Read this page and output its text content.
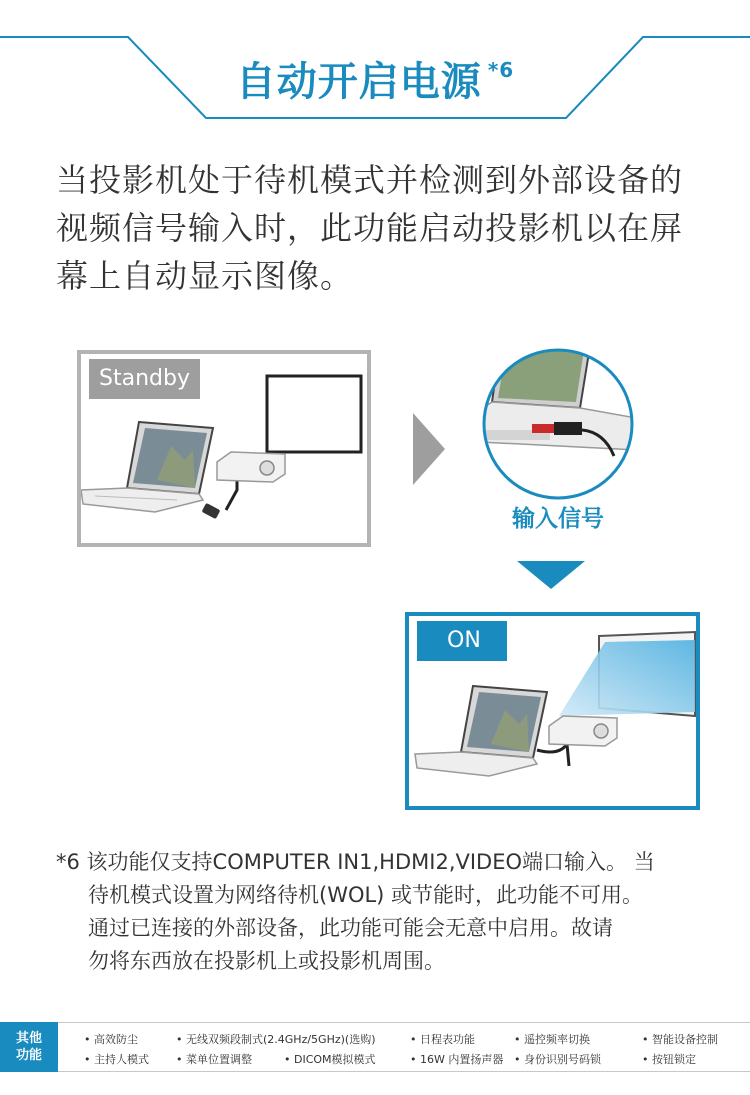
自动开启电源 $^{*6}$
当投影机处于待机模式并检测到外部设备的
视频信号输入时，此功能启动投影机以在屏
幕上自动显示图像。
Standby
输入信号
ON
*6 该功能仅支持COMPUTER IN1,HDMI2,VIDEO端口输入。 当
待机模式设置为网络待机(WOL) 或节能时，此功能不可用。
通过已连接的外部设备，此功能可能会无意中启用。故请
勿将东西放在投影机上或投影机周围。
其他
功能
• 高效防尘	• 无线双频段制式(2.4GHz/5GHz)(选购)	• 日程表功能	• 遥控频率切换	• 智能设备控制
• 主持人模式 • 菜单位置调整	• DICOM模拟模式	• 16W 内置扬声器 • 身份识别号码锁	• 按钮锁定
